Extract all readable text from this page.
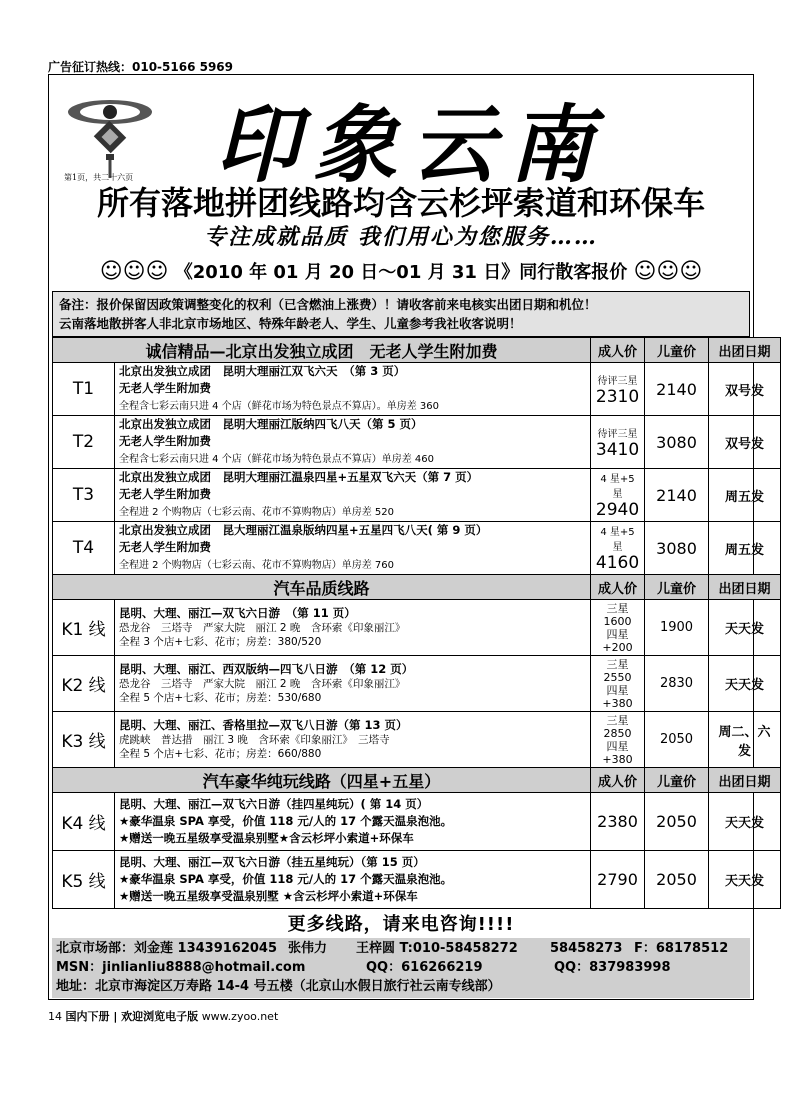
广告征订热线：010-5166 5969
第1页，共二十六页 印象云南
所有落地拼团线路均含云杉坪索道和环保车
专注成就品质 我们用心为您服务……
☺☺☺ 《2010 年 01 月 20 日～01 月 31 日》同行散客报价 ☺☺☺
备注：报价保留因政策调整变化的权利（已含燃油上涨费）！请收客前来电核实出团日期和机位！
云南落地散拼客人非北京市场地区、特殊年龄老人、学生、儿童参考我社收客说明！
诚信精品—北京出发独立成团　无老人学生附加费		成人价	儿童价	出团日期
T1	北京出发独立成团　昆明大理丽江双飞六天　（第 3 页）
无老人学生附加费
全程含七彩云南只进 4 个店（鲜花市场为特色景点不算店）。单房差 360	待评三星
2310	2140	双号发
T2	北京出发独立成团　昆明大理丽江版纳四飞八天（第 5 页）
无老人学生附加费
全程含七彩云南只进 4 个店（鲜花市场为特色景点不算店）单房差 460	待评三星
3410	3080	双号发
T3	北京出发独立成团　昆明大理丽江温泉四星+五星双飞六天（第 7 页）
无老人学生附加费
全程进 2 个购物店（七彩云南、花市不算购物店）单房差 520	4 星+5 星
2940	2140	周五发
T4	北京出发独立成团　昆大理丽江温泉版纳四星+五星四飞八天( 第 9 页）
无老人学生附加费
全程进 2 个购物店（七彩云南、花市不算购物店）单房差 760	4 星+5 星
4160	3080	周五发
汽车品质线路		成人价	儿童价	出团日期
K1 线	昆明、大理、丽江—双飞六日游　（第 11 页）
恐龙谷　三塔寺　严家大院　丽江 2 晚　含环索《印象丽江》
全程 3 个店+七彩、花市；房差：380/520	三星
1600
四星
+200	1900	天天发
K2 线	昆明、大理、丽江、西双版纳—四飞八日游　（第 12 页）
恐龙谷　三塔寺　严家大院　丽江 2 晚　含环索《印象丽江》
全程 5 个店+七彩、花市；房差：530/680	三星
2550
四星
+380	2830	天天发
K3 线	昆明、大理、丽江、香格里拉—双飞八日游（第 13 页）
虎跳峡　普达措　丽江 3 晚　含环索《印象丽江》　三塔寺
全程 5 个店+七彩、花市；房差：660/880	三星
2850
四星
+380	2050	周二、六发
汽车豪华纯玩线路（四星+五星）		成人价	儿童价	出团日期
K4 线	昆明、大理、丽江—双飞六日游（挂四星纯玩）( 第 14 页）
★豪华温泉 SPA 享受，价值 118 元/人的 17 个露天温泉泡池。
★赠送一晚五星级享受温泉别墅★含云杉坪小索道+环保车	2380	2050	天天发
K5 线	昆明、大理、丽江—双飞六日游（挂五星纯玩）（第 15 页）
★豪华温泉 SPA 享受，价值 118 元/人的 17 个露天温泉泡池。
★赠送一晚五星级享受温泉别墅 ★含云杉坪小索道+环保车	2790	2050	天天发
更多线路，请来电咨询!!!!
北京市场部：刘金莲 13439162045 张伟力 王梓圆 T:010-58458272 58458273 F：68178512
MSN：jinlianliu8888@hotmail.com	QQ：616266219	QQ：837983998
地址：北京市海淀区万寿路 14-4 号五楼（北京山水假日旅行社云南专线部）
14 国内下册 | 欢迎浏览电子版 www.zyoo.net
